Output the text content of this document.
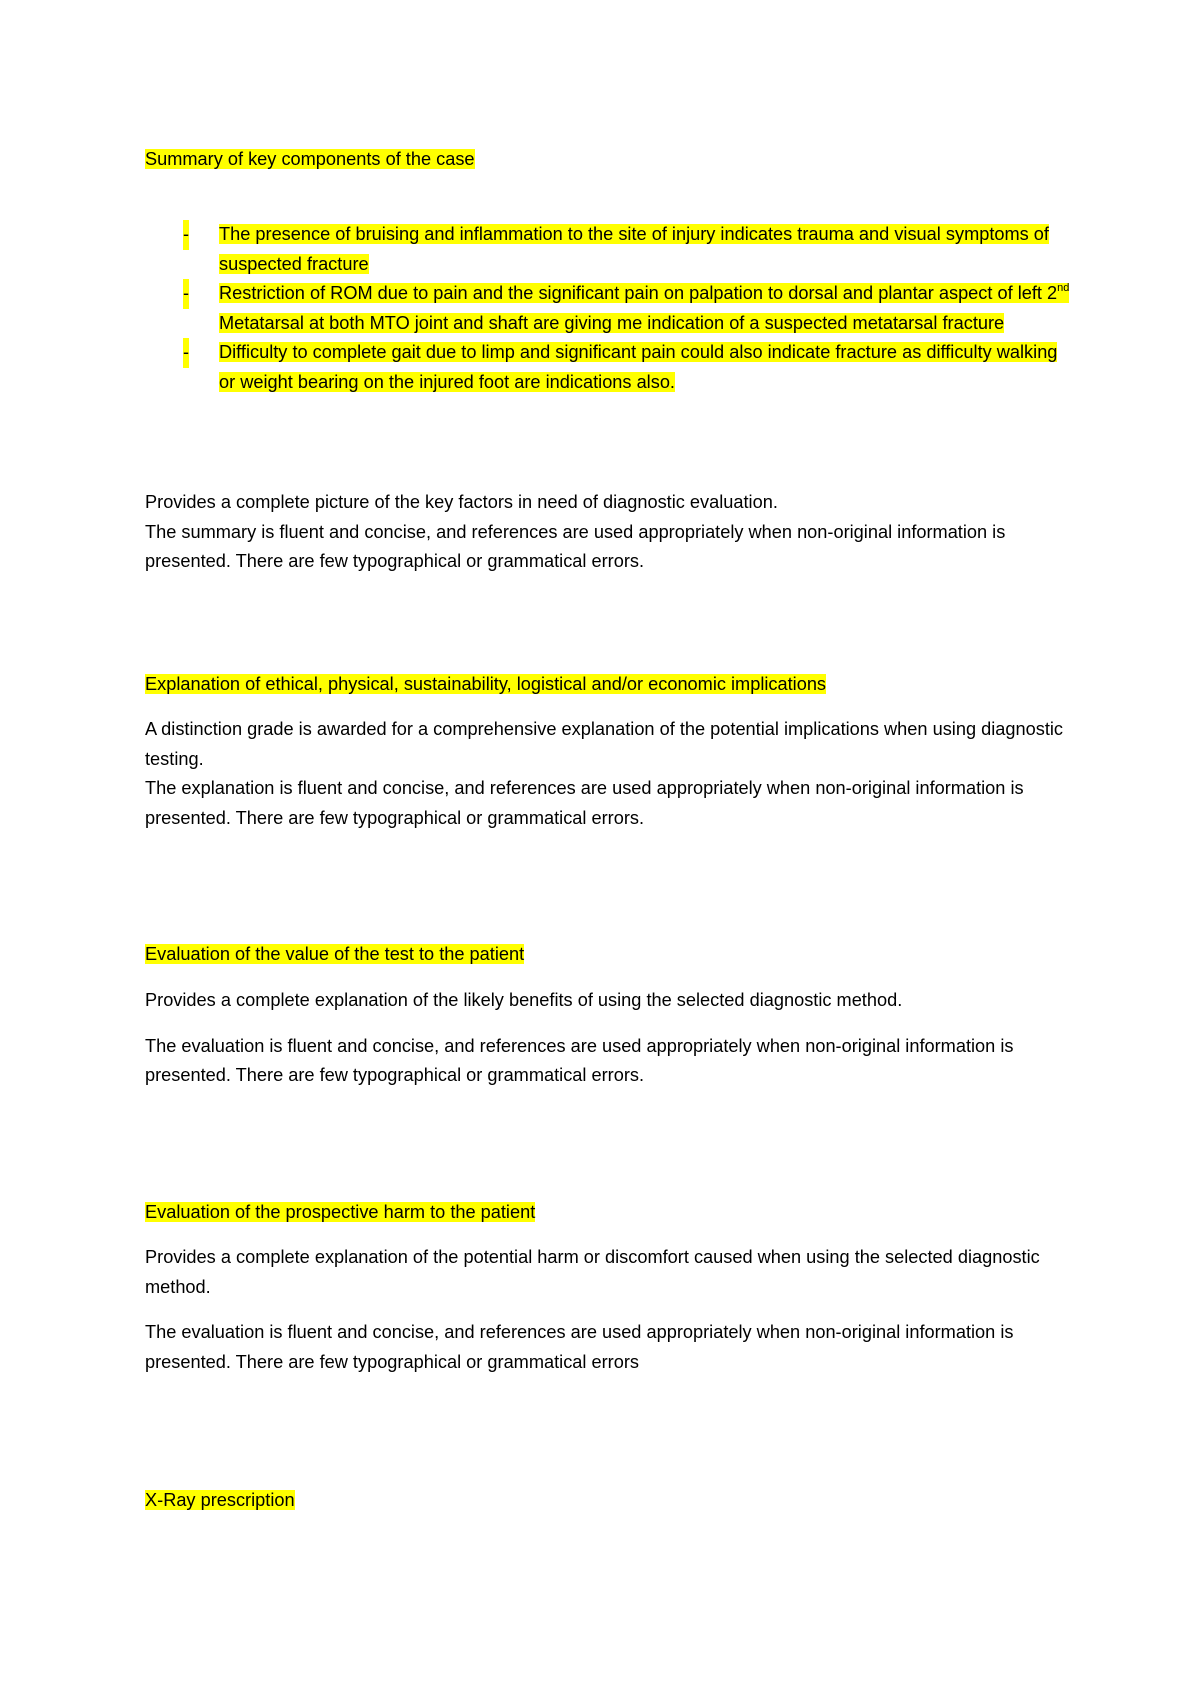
Summary of key components of the case
- The presence of bruising and inflammation to the site of injury indicates trauma and visual symptoms of suspected fracture
- Restriction of ROM due to pain and the significant pain on palpation to dorsal and plantar aspect of left 2nd Metatarsal at both MTO joint and shaft are giving me indication of a suspected metatarsal fracture
- Difficulty to complete gait due to limp and significant pain could also indicate fracture as difficulty walking or weight bearing on the injured foot are indications also.

Provides a complete picture of the key factors in need of diagnostic evaluation.

The summary is fluent and concise, and references are used appropriately when non-original information is presented. There are few typographical or grammatical errors.

Explanation of ethical, physical, sustainability, logistical and/or economic implications

A distinction grade is awarded for a comprehensive explanation of the potential implications when using diagnostic testing.

The explanation is fluent and concise, and references are used appropriately when non-original information is presented. There are few typographical or grammatical errors.

Evaluation of the value of the test to the patient

Provides a complete explanation of the likely benefits of using the selected diagnostic method.

The evaluation is fluent and concise, and references are used appropriately when non-original information is presented. There are few typographical or grammatical errors.

Evaluation of the prospective harm to the patient

Provides a complete explanation of the potential harm or discomfort caused when using the selected diagnostic method.

The evaluation is fluent and concise, and references are used appropriately when non-original information is presented. There are few typographical or grammatical errors

X-Ray prescription
